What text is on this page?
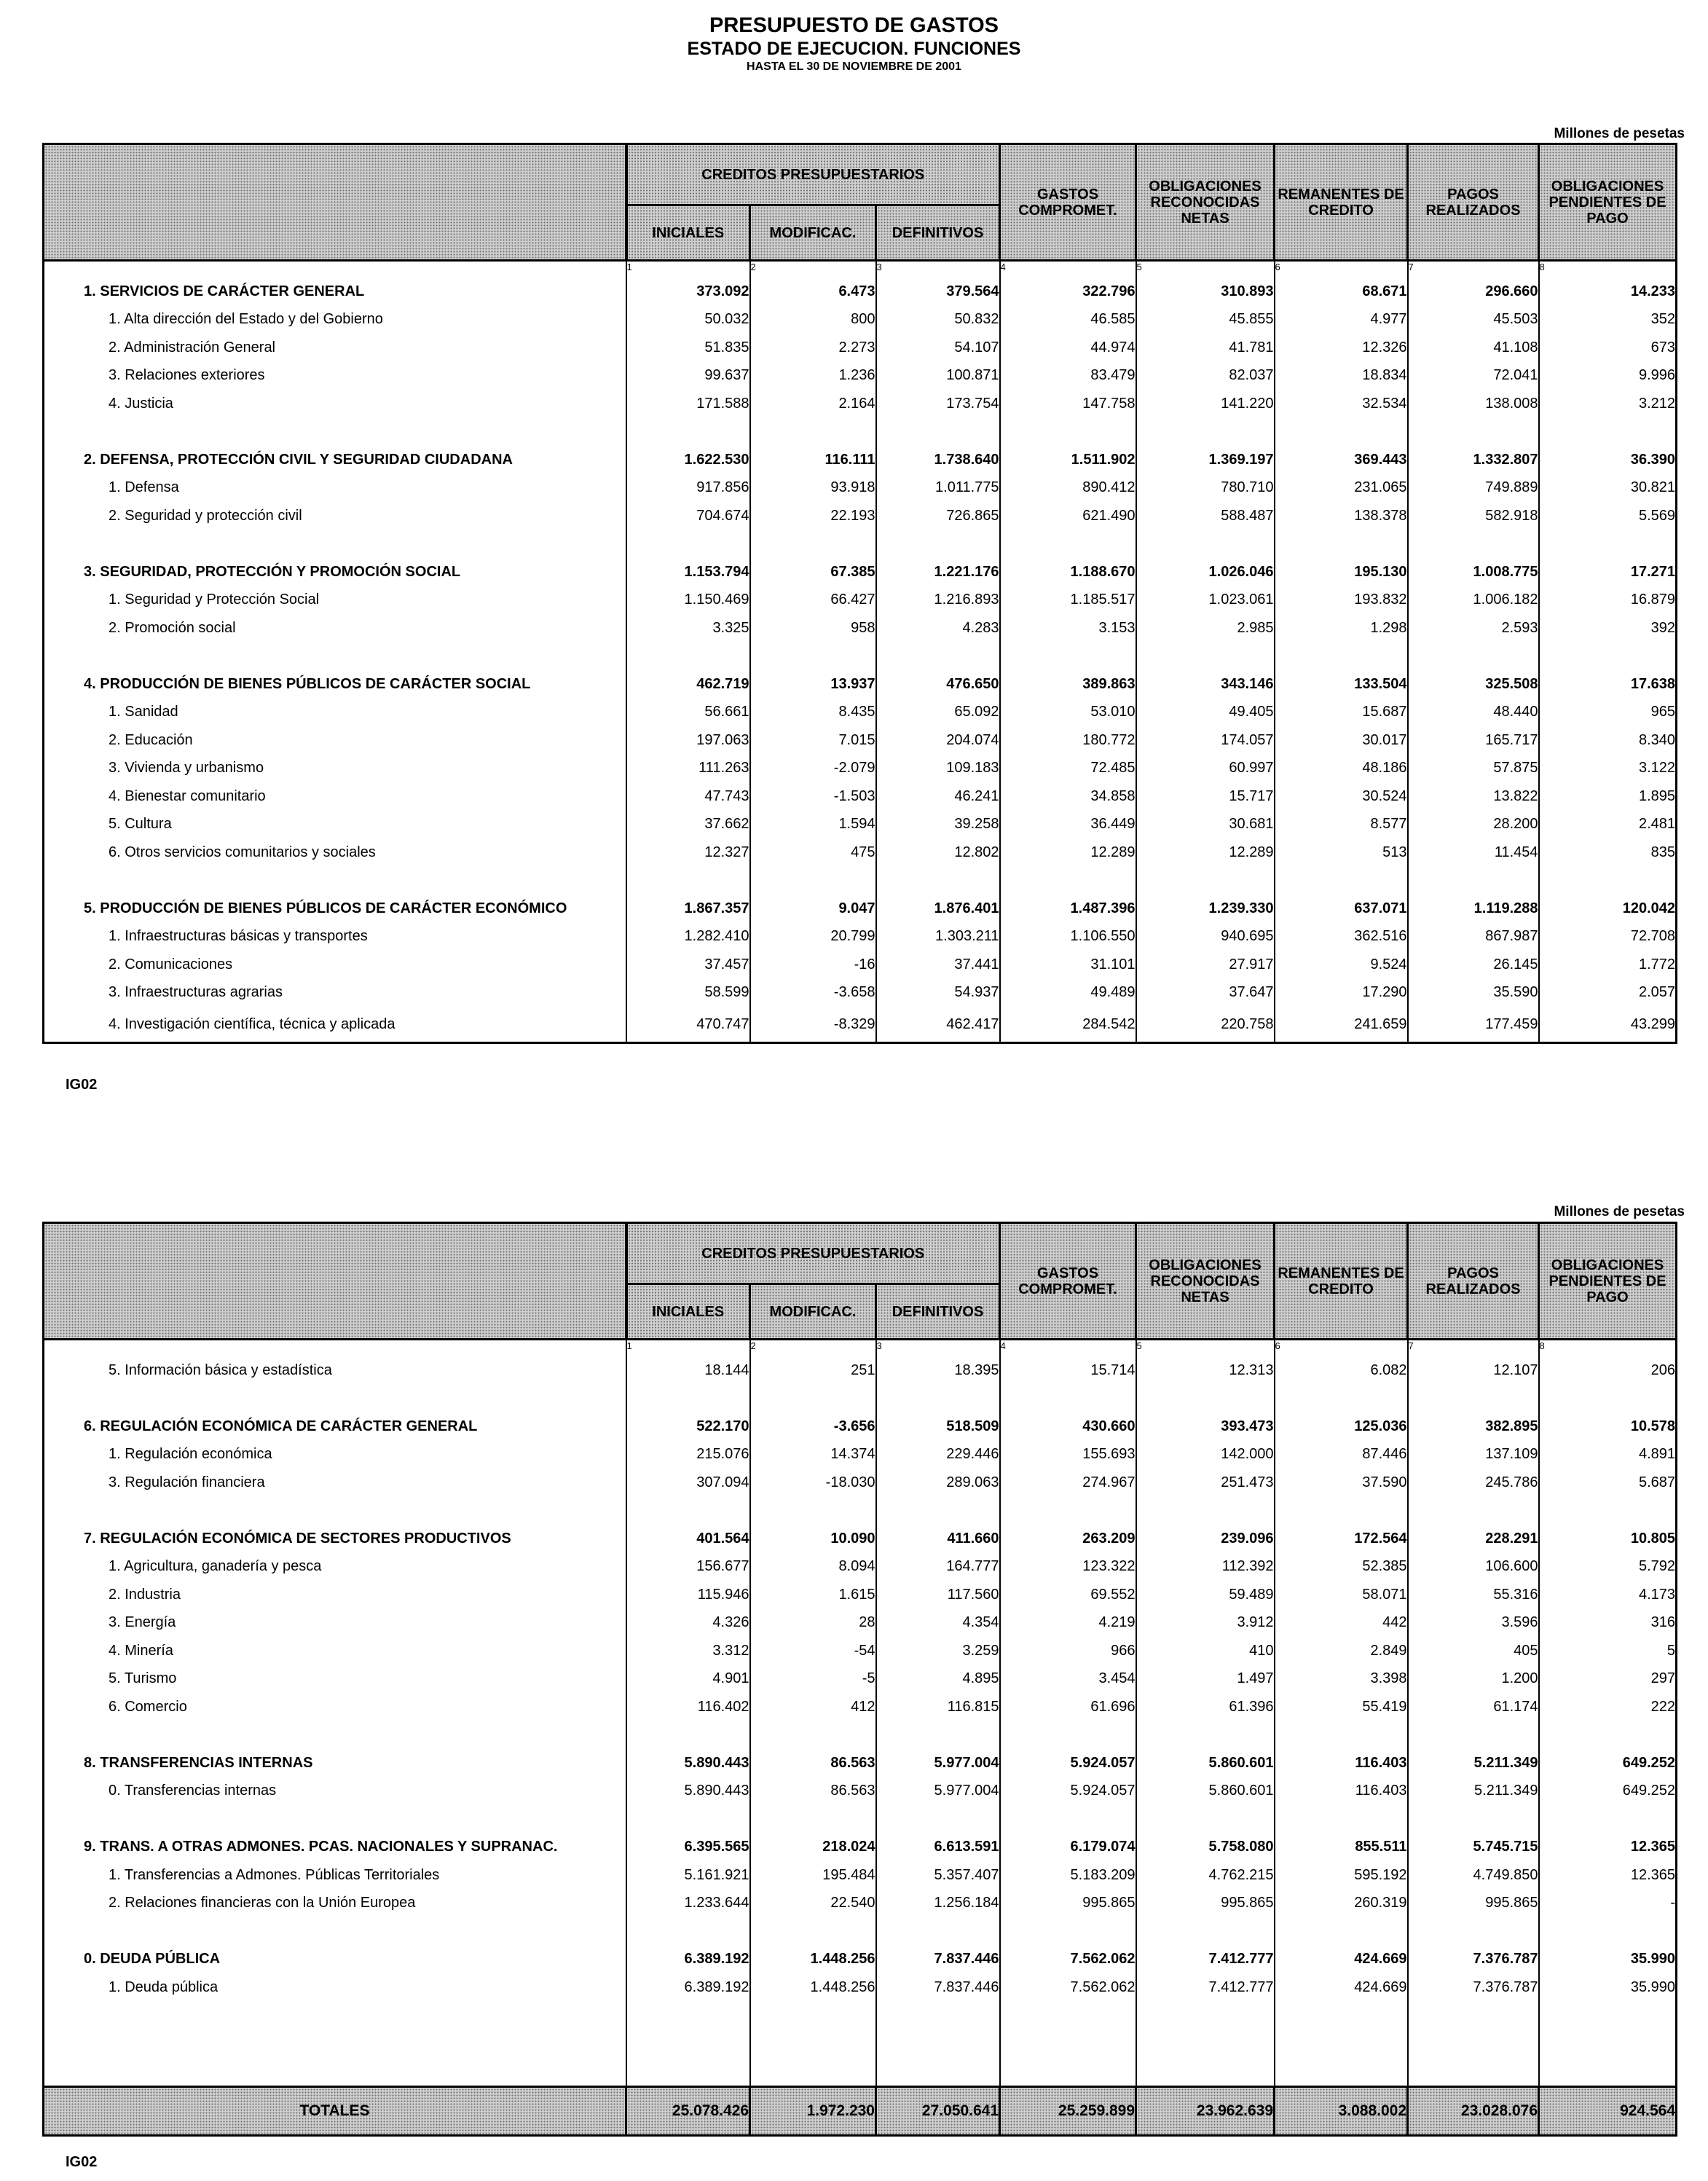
PRESUPUESTO DE GASTOS
ESTADO DE EJECUCION. FUNCIONES
HASTA EL 30 DE NOVIEMBRE DE 2001
Millones de pesetas
Millones de pesetas
	CREDITOS PRESUPUESTARIOS			GASTOS COMPROMET.	OBLIGACIONES RECONOCIDAS NETAS	REMANENTES DE CREDITO	PAGOS REALIZADOS	OBLIGACIONES PENDIENTES DE PAGO
	INICIALES	MODIFICAC.	DEFINITIVOS					
	1	2	3	4	5	6	7	8
1. SERVICIOS DE CARÁCTER GENERAL	373.092	6.473	379.564	322.796	310.893	68.671	296.660	14.233
1. Alta dirección del Estado y del Gobierno	50.032	800	50.832	46.585	45.855	4.977	45.503	352
2. Administración General	51.835	2.273	54.107	44.974	41.781	12.326	41.108	673
3. Relaciones exteriores	99.637	1.236	100.871	83.479	82.037	18.834	72.041	9.996
4. Justicia	171.588	2.164	173.754	147.758	141.220	32.534	138.008	3.212

2. DEFENSA, PROTECCIÓN CIVIL Y SEGURIDAD CIUDADANA	1.622.530	116.111	1.738.640	1.511.902	1.369.197	369.443	1.332.807	36.390
1. Defensa	917.856	93.918	1.011.775	890.412	780.710	231.065	749.889	30.821
2. Seguridad y protección civil	704.674	22.193	726.865	621.490	588.487	138.378	582.918	5.569

3. SEGURIDAD, PROTECCIÓN Y PROMOCIÓN SOCIAL	1.153.794	67.385	1.221.176	1.188.670	1.026.046	195.130	1.008.775	17.271
1. Seguridad y Protección Social	1.150.469	66.427	1.216.893	1.185.517	1.023.061	193.832	1.006.182	16.879
2. Promoción social	3.325	958	4.283	3.153	2.985	1.298	2.593	392

4. PRODUCCIÓN DE BIENES PÚBLICOS DE CARÁCTER SOCIAL	462.719	13.937	476.650	389.863	343.146	133.504	325.508	17.638
1. Sanidad	56.661	8.435	65.092	53.010	49.405	15.687	48.440	965
2. Educación	197.063	7.015	204.074	180.772	174.057	30.017	165.717	8.340
3. Vivienda y urbanismo	111.263	-2.079	109.183	72.485	60.997	48.186	57.875	3.122
4. Bienestar comunitario	47.743	-1.503	46.241	34.858	15.717	30.524	13.822	1.895
5. Cultura	37.662	1.594	39.258	36.449	30.681	8.577	28.200	2.481
6. Otros servicios comunitarios y sociales	12.327	475	12.802	12.289	12.289	513	11.454	835

5. PRODUCCIÓN DE BIENES PÚBLICOS DE CARÁCTER ECONÓMICO	1.867.357	9.047	1.876.401	1.487.396	1.239.330	637.071	1.119.288	120.042
1. Infraestructuras básicas y transportes	1.282.410	20.799	1.303.211	1.106.550	940.695	362.516	867.987	72.708
2. Comunicaciones	37.457	-16	37.441	31.101	27.917	9.524	26.145	1.772
3. Infraestructuras agrarias	58.599	-3.658	54.937	49.489	37.647	17.290	35.590	2.057
4. Investigación científica, técnica y aplicada	470.747	-8.329	462.417	284.542	220.758	241.659	177.459	43.299
IG02
	CREDITOS PRESUPUESTARIOS			GASTOS COMPROMET.	OBLIGACIONES RECONOCIDAS NETAS	REMANENTES DE CREDITO	PAGOS REALIZADOS	OBLIGACIONES PENDIENTES DE PAGO
	INICIALES	MODIFICAC.	DEFINITIVOS					
	1	2	3	4	5	6	7	8
5. Información básica y estadística	18.144	251	18.395	15.714	12.313	6.082	12.107	206

6. REGULACIÓN ECONÓMICA DE CARÁCTER GENERAL	522.170	-3.656	518.509	430.660	393.473	125.036	382.895	10.578
1. Regulación económica	215.076	14.374	229.446	155.693	142.000	87.446	137.109	4.891
3. Regulación financiera	307.094	-18.030	289.063	274.967	251.473	37.590	245.786	5.687

7. REGULACIÓN ECONÓMICA DE SECTORES PRODUCTIVOS	401.564	10.090	411.660	263.209	239.096	172.564	228.291	10.805
1. Agricultura, ganadería y pesca	156.677	8.094	164.777	123.322	112.392	52.385	106.600	5.792
2. Industria	115.946	1.615	117.560	69.552	59.489	58.071	55.316	4.173
3. Energía	4.326	28	4.354	4.219	3.912	442	3.596	316
4. Minería	3.312	-54	3.259	966	410	2.849	405	5
5. Turismo	4.901	-5	4.895	3.454	1.497	3.398	1.200	297
6. Comercio	116.402	412	116.815	61.696	61.396	55.419	61.174	222

8. TRANSFERENCIAS INTERNAS	5.890.443	86.563	5.977.004	5.924.057	5.860.601	116.403	5.211.349	649.252
0. Transferencias internas	5.890.443	86.563	5.977.004	5.924.057	5.860.601	116.403	5.211.349	649.252

9. TRANS. A OTRAS ADMONES. PCAS. NACIONALES Y SUPRANAC.	6.395.565	218.024	6.613.591	6.179.074	5.758.080	855.511	5.745.715	12.365
1. Transferencias a Admones. Públicas Territoriales	5.161.921	195.484	5.357.407	5.183.209	4.762.215	595.192	4.749.850	12.365
2. Relaciones financieras con la Unión Europea	1.233.644	22.540	1.256.184	995.865	995.865	260.319	995.865	-

0. DEUDA PÚBLICA	6.389.192	1.448.256	7.837.446	7.562.062	7.412.777	424.669	7.376.787	35.990
1. Deuda pública	6.389.192	1.448.256	7.837.446	7.562.062	7.412.777	424.669	7.376.787	35.990

TOTALES	25.078.426	1.972.230	27.050.641	25.259.899	23.962.639	3.088.002	23.028.076	924.564
IG02
